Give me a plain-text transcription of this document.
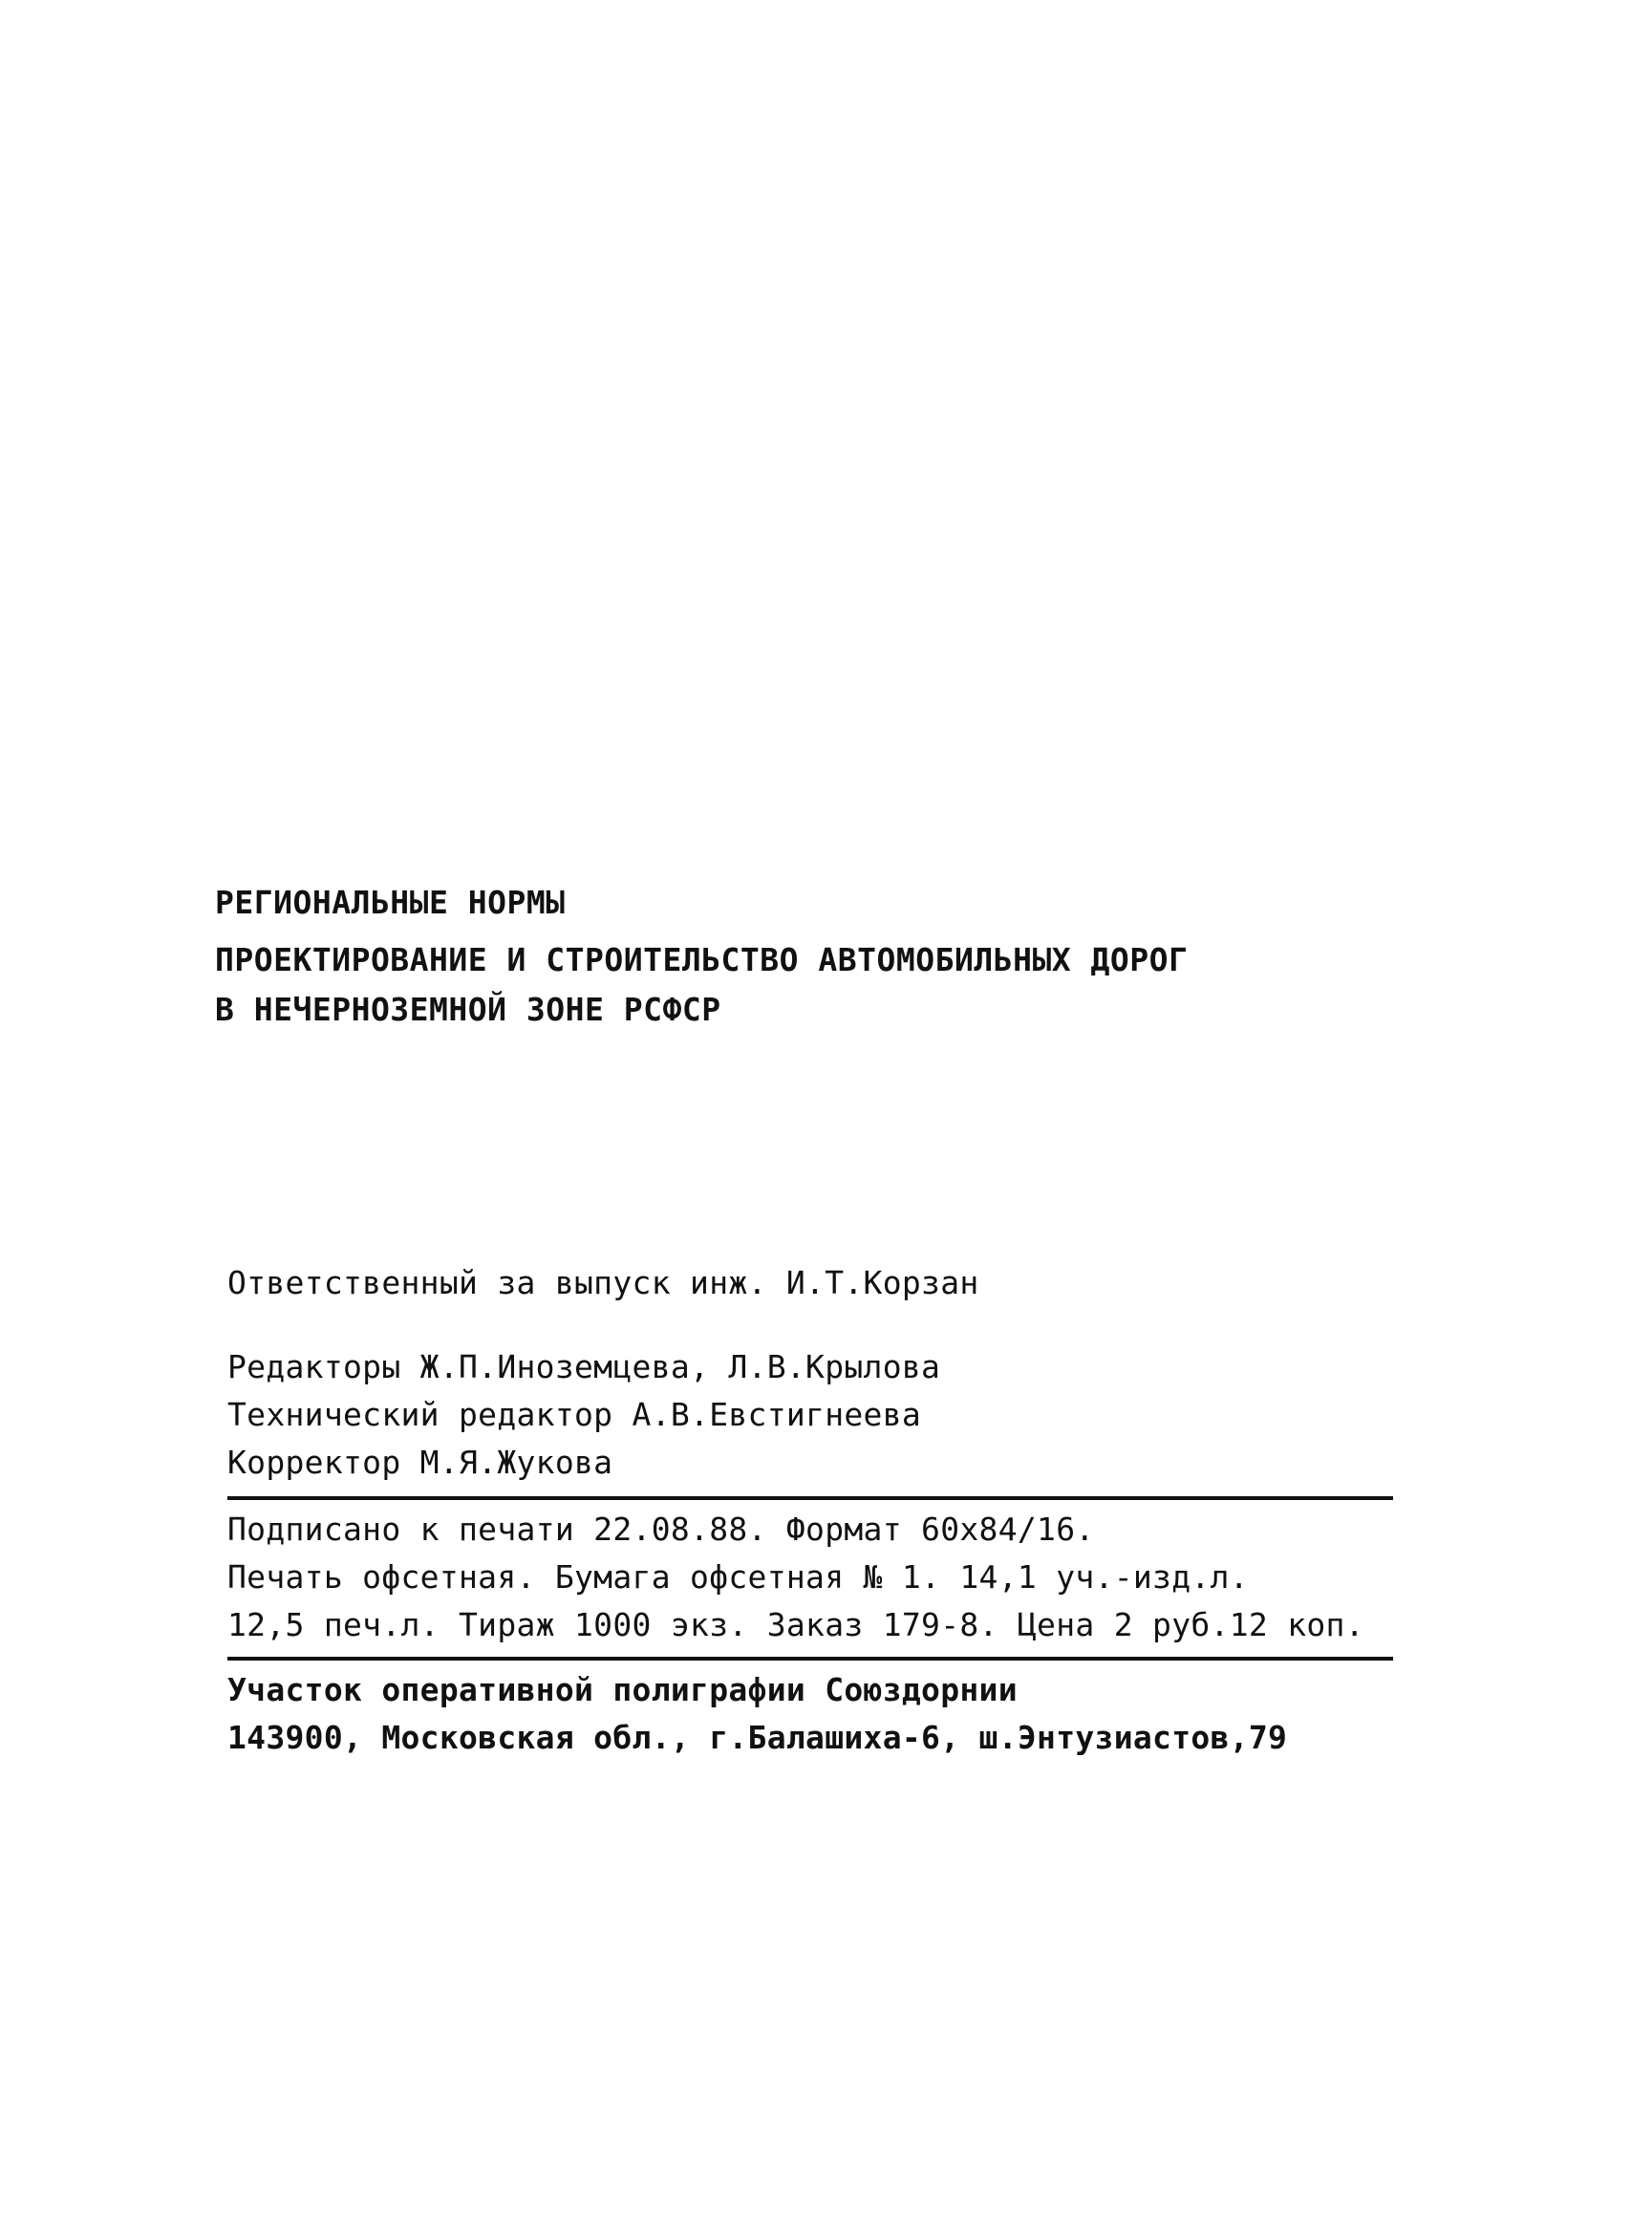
РЕГИОНАЛЬНЫЕ НОРМЫ
ПРОЕКТИРОВАНИЕ И СТРОИТЕЛЬСТВО АВТОМОБИЛЬНЫХ ДОРОГ
В НЕЧЕРНОЗЕМНОЙ ЗОНЕ РСФСР
Ответственный за выпуск инж. И.Т.Корзан
Редакторы Ж.П.Иноземцева, Л.В.Крылова
Технический редактор А.В.Евстигнеева
Корректор М.Я.Жукова
Подписано к печати 22.08.88. Формат 60x84/16.
Печать офсетная. Бумага офсетная № 1. 14,1 уч.-изд.л.
12,5 печ.л. Тираж 1000 экз. Заказ 179-8. Цена 2 руб.12 коп.
Участок оперативной полиграфии Союздорнии
143900, Московская обл., г.Балашиха-6, ш.Энтузиастов,79
